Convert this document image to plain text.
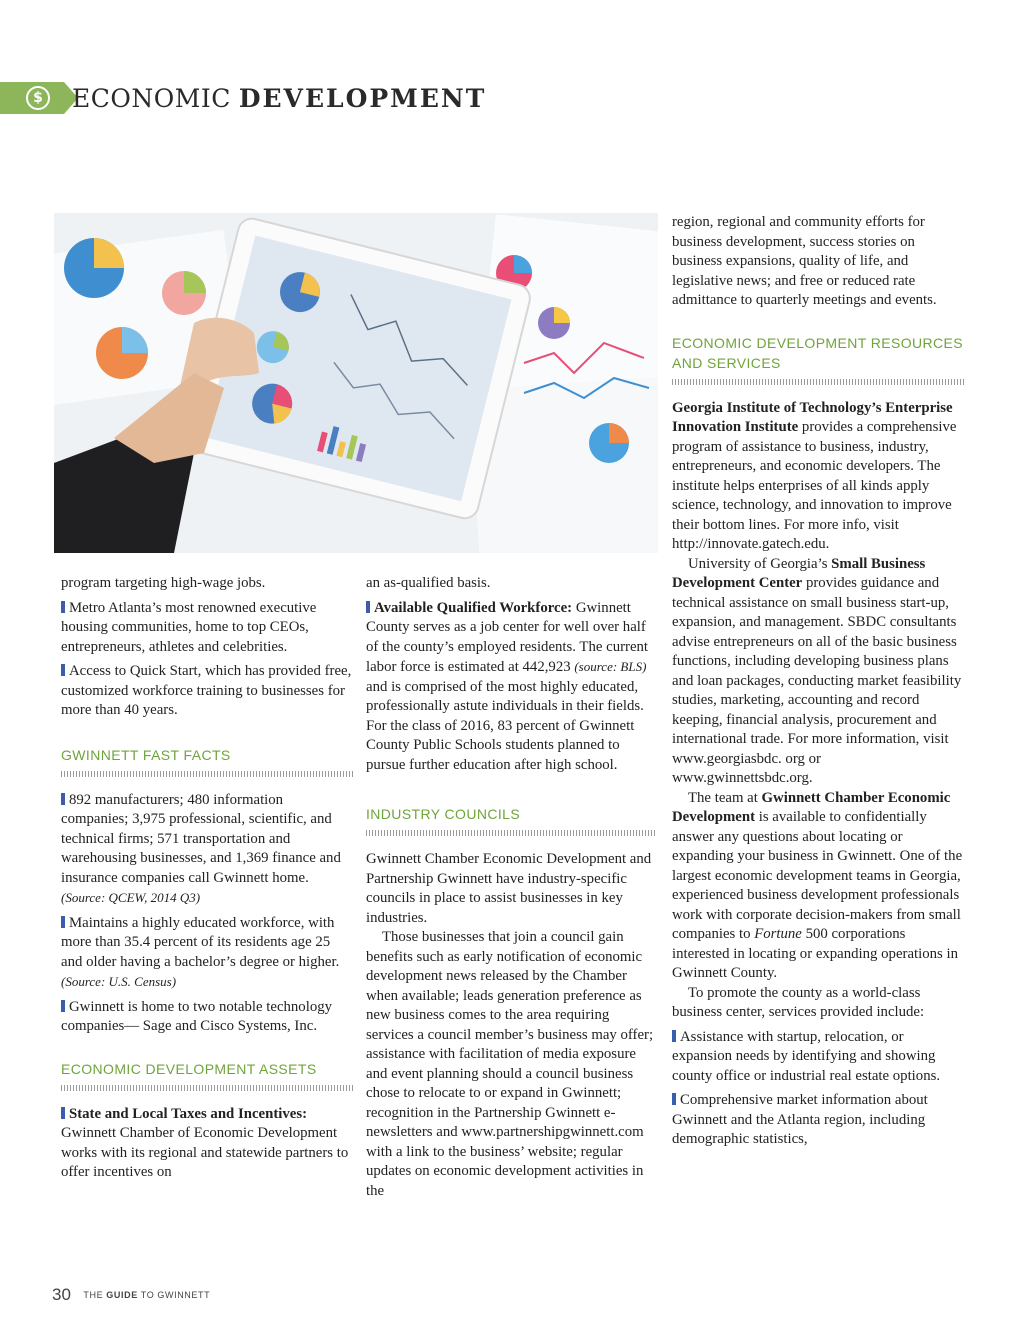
$ ECONOMIC DEVELOPMENT

program targeting high-wage jobs.

Metro Atlanta’s most renowned executive housing communities, home to top CEOs, entrepreneurs, athletes and celebrities.

Access to Quick Start, which has provided free, customized workforce training to businesses for more than 40 years.

GWINNETT FAST FACTS

892 manufacturers; 480 information companies; 3,975 professional, scientific, and technical firms; 571 transportation and warehousing businesses, and 1,369 finance and insurance companies call Gwinnett home.
(Source: QCEW, 2014 Q3)

Maintains a highly educated workforce, with more than 35.4 percent of its residents age 25 and older having a bachelor’s degree or higher. (Source: U.S. Census)

Gwinnett is home to two notable technology companies— Sage and Cisco Systems, Inc.

ECONOMIC DEVELOPMENT ASSETS

State and Local Taxes and Incentives: Gwinnett Chamber of Economic Development works with its regional and statewide partners to offer incentives on

an as-qualified basis.

Available Qualified Workforce: Gwinnett County serves as a job center for well over half of the county’s employed residents. The current labor force is estimated at 442,923 (source: BLS) and is comprised of the most highly educated, professionally astute individuals in their fields. For the class of 2016, 83 percent of Gwinnett County Public Schools students planned to pursue further education after high school.

INDUSTRY COUNCILS

Gwinnett Chamber Economic Development and Partnership Gwinnett have industry-specific councils in place to assist businesses in key industries.

Those businesses that join a council gain benefits such as early notification of economic development news released by the Chamber when available; leads generation preference as new business comes to the area requiring services a council member’s business may offer; assistance with facilitation of media exposure and event planning should a council business chose to relocate to or expand in Gwinnett; recognition in the Partnership Gwinnett e-newsletters and www.partnershipgwinnett.com with a link to the business’ website; regular updates on economic development activities in the

region, regional and community efforts for business development, success stories on business expansions, quality of life, and legislative news; and free or reduced rate admittance to quarterly meetings and events.

ECONOMIC DEVELOPMENT RESOURCES AND SERVICES

Georgia Institute of Technology’s Enterprise Innovation Institute provides a comprehensive program of assistance to business, industry, entrepreneurs, and economic developers. The institute helps enterprises of all kinds apply science, technology, and innovation to improve their bottom lines. For more info, visit http://innovate.gatech.edu.

University of Georgia’s Small Business Development Center provides guidance and technical assistance on small business start-up, expansion, and management. SBDC consultants advise entrepreneurs on all of the basic business functions, including developing business plans and loan packages, conducting market feasibility studies, marketing, accounting and record keeping, financial analysis, procurement and international trade. For more information, visit www.georgiasbdc. org or www.gwinnettsbdc.org.

The team at Gwinnett Chamber Economic Development is available to confidentially answer any questions about locating or expanding your business in Gwinnett. One of the largest economic development teams in Georgia, experienced business development professionals work with corporate decision-makers from small companies to Fortune 500 corporations interested in locating or expanding operations in Gwinnett County.

To promote the county as a world-class business center, services provided include:

Assistance with startup, relocation, or expansion needs by identifying and showing county office or industrial real estate options.

Comprehensive market information about Gwinnett and the Atlanta region, including demographic statistics,

30 THE GUIDE TO GWINNETT
